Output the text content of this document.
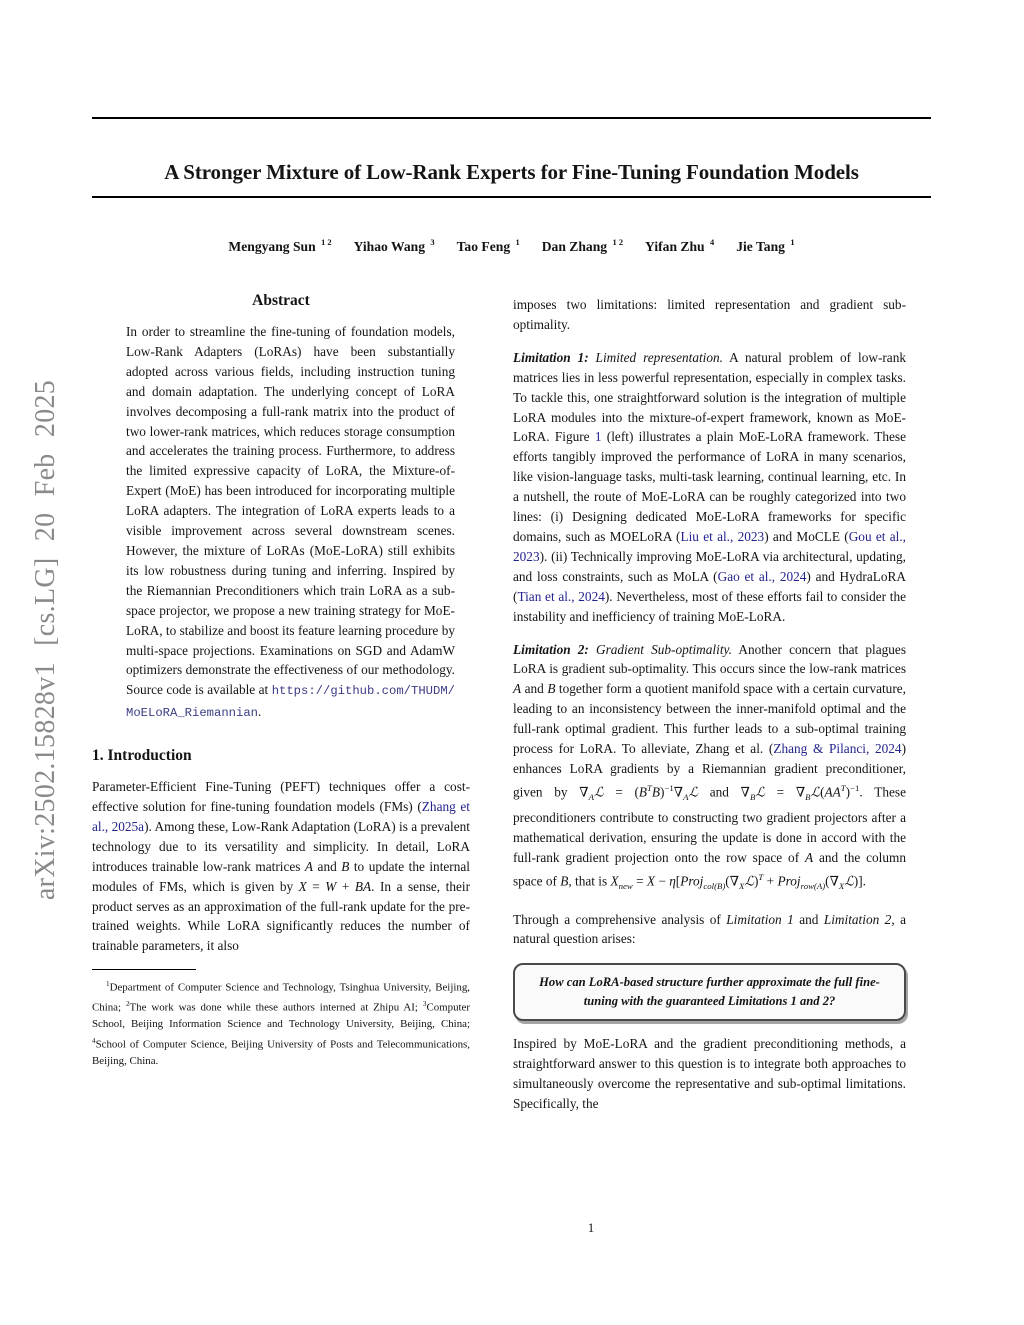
arXiv:2502.15828v1 [cs.LG] 20 Feb 2025
A Stronger Mixture of Low-Rank Experts for Fine-Tuning Foundation Models
Mengyang Sun $^{1 2}$ Yihao Wang $^3$ Tao Feng $^1$ Dan Zhang $^{1 2}$ Yifan Zhu $^4$ Jie Tang $^1$
Abstract

In order to streamline the fine-tuning of foundation models, Low-Rank Adapters (LoRAs) have been substantially adopted across various fields, including instruction tuning and domain adaptation. The underlying concept of LoRA involves decomposing a full-rank matrix into the product of two lower-rank matrices, which reduces storage consumption and accelerates the training process. Furthermore, to address the limited expressive capacity of LoRA, the Mixture-of-Expert (MoE) has been introduced for incorporating multiple LoRA adapters. The integration of LoRA experts leads to a visible improvement across several downstream scenes. However, the mixture of LoRAs (MoE-LoRA) still exhibits its low robustness during tuning and inferring. Inspired by the Riemannian Preconditioners which train LoRA as a sub-space projector, we propose a new training strategy for MoE-LoRA, to stabilize and boost its feature learning procedure by multi-space projections. Examinations on SGD and AdamW optimizers demonstrate the effectiveness of our methodology. Source code is available at https://github.com/THUDM/MoELoRA_Riemannian.

1. Introduction

Parameter-Efficient Fine-Tuning (PEFT) techniques offer a cost-effective solution for fine-tuning foundation models (FMs) (Zhang et al., 2025a). Among these, Low-Rank Adaptation (LoRA) is a prevalent technology due to its versatility and simplicity. In detail, LoRA introduces trainable low-rank matrices A and B to update the internal modules of FMs, which is given by X = W + BA. In a sense, their product serves as an approximation of the full-rank update for the pre-trained weights. While LoRA significantly reduces the number of trainable parameters, it also

$^1$Department of Computer Science and Technology, Tsinghua University, Beijing, China; $^2$The work was done while these authors interned at Zhipu AI; $^3$Computer School, Beijing Information Science and Technology University, Beijing, China; $^4$School of Computer Science, Beijing University of Posts and Telecommunications, Beijing, China.

imposes two limitations: limited representation and gradient sub-optimality.

Limitation 1: Limited representation. A natural problem of low-rank matrices lies in less powerful representation, especially in complex tasks. To tackle this, one straightforward solution is the integration of multiple LoRA modules into the mixture-of-expert framework, known as MoE-LoRA. Figure 1 (left) illustrates a plain MoE-LoRA framework. These efforts tangibly improved the performance of LoRA in many scenarios, like vision-language tasks, multi-task learning, continual learning, etc. In a nutshell, the route of MoE-LoRA can be roughly categorized into two lines: (i) Designing dedicated MoE-LoRA frameworks for specific domains, such as MOELoRA (Liu et al., 2023) and MoCLE (Gou et al., 2023). (ii) Technically improving MoE-LoRA via architectural, updating, and loss constraints, such as MoLA (Gao et al., 2024) and HydraLoRA (Tian et al., 2024). Nevertheless, most of these efforts fail to consider the instability and inefficiency of training MoE-LoRA.

Limitation 2: Gradient Sub-optimality. Another concern that plagues LoRA is gradient sub-optimality. This occurs since the low-rank matrices A and B together form a quotient manifold space with a certain curvature, leading to an inconsistency between the inner-manifold optimal and the full-rank optimal gradient. This further leads to a sub-optimal training process for LoRA. To alleviate, Zhang et al. (Zhang & Pilanci, 2024) enhances LoRA gradients by a Riemannian gradient preconditioner, given by $\nabla_Aℒ$ = $(B^TB)^{-1}\nabla_Aℒ$ and $\nabla_Bℒ$ = $\nabla_Bℒ(AA^T)^{-1}$. These preconditioners contribute to constructing two gradient projectors after a mathematical derivation, ensuring the update is done in accord with the full-rank gradient projection onto the row space of A and the column space of B, that is $X_{new} = X$ − $\eta[Proj_{col(B)}(\nabla_Xℒ)^T$ + $Proj_{row(A)}(\nabla_Xℒ)$].

Through a comprehensive analysis of Limitation 1 and Limitation 2, a natural question arises:

How can LoRA-based structure further approximate the full fine-tuning with the guaranteed Limitations 1 and 2?

Inspired by MoE-LoRA and the gradient preconditioning methods, a straightforward answer to this question is to integrate both approaches to simultaneously overcome the representative and sub-optimal limitations. Specifically, the

1
